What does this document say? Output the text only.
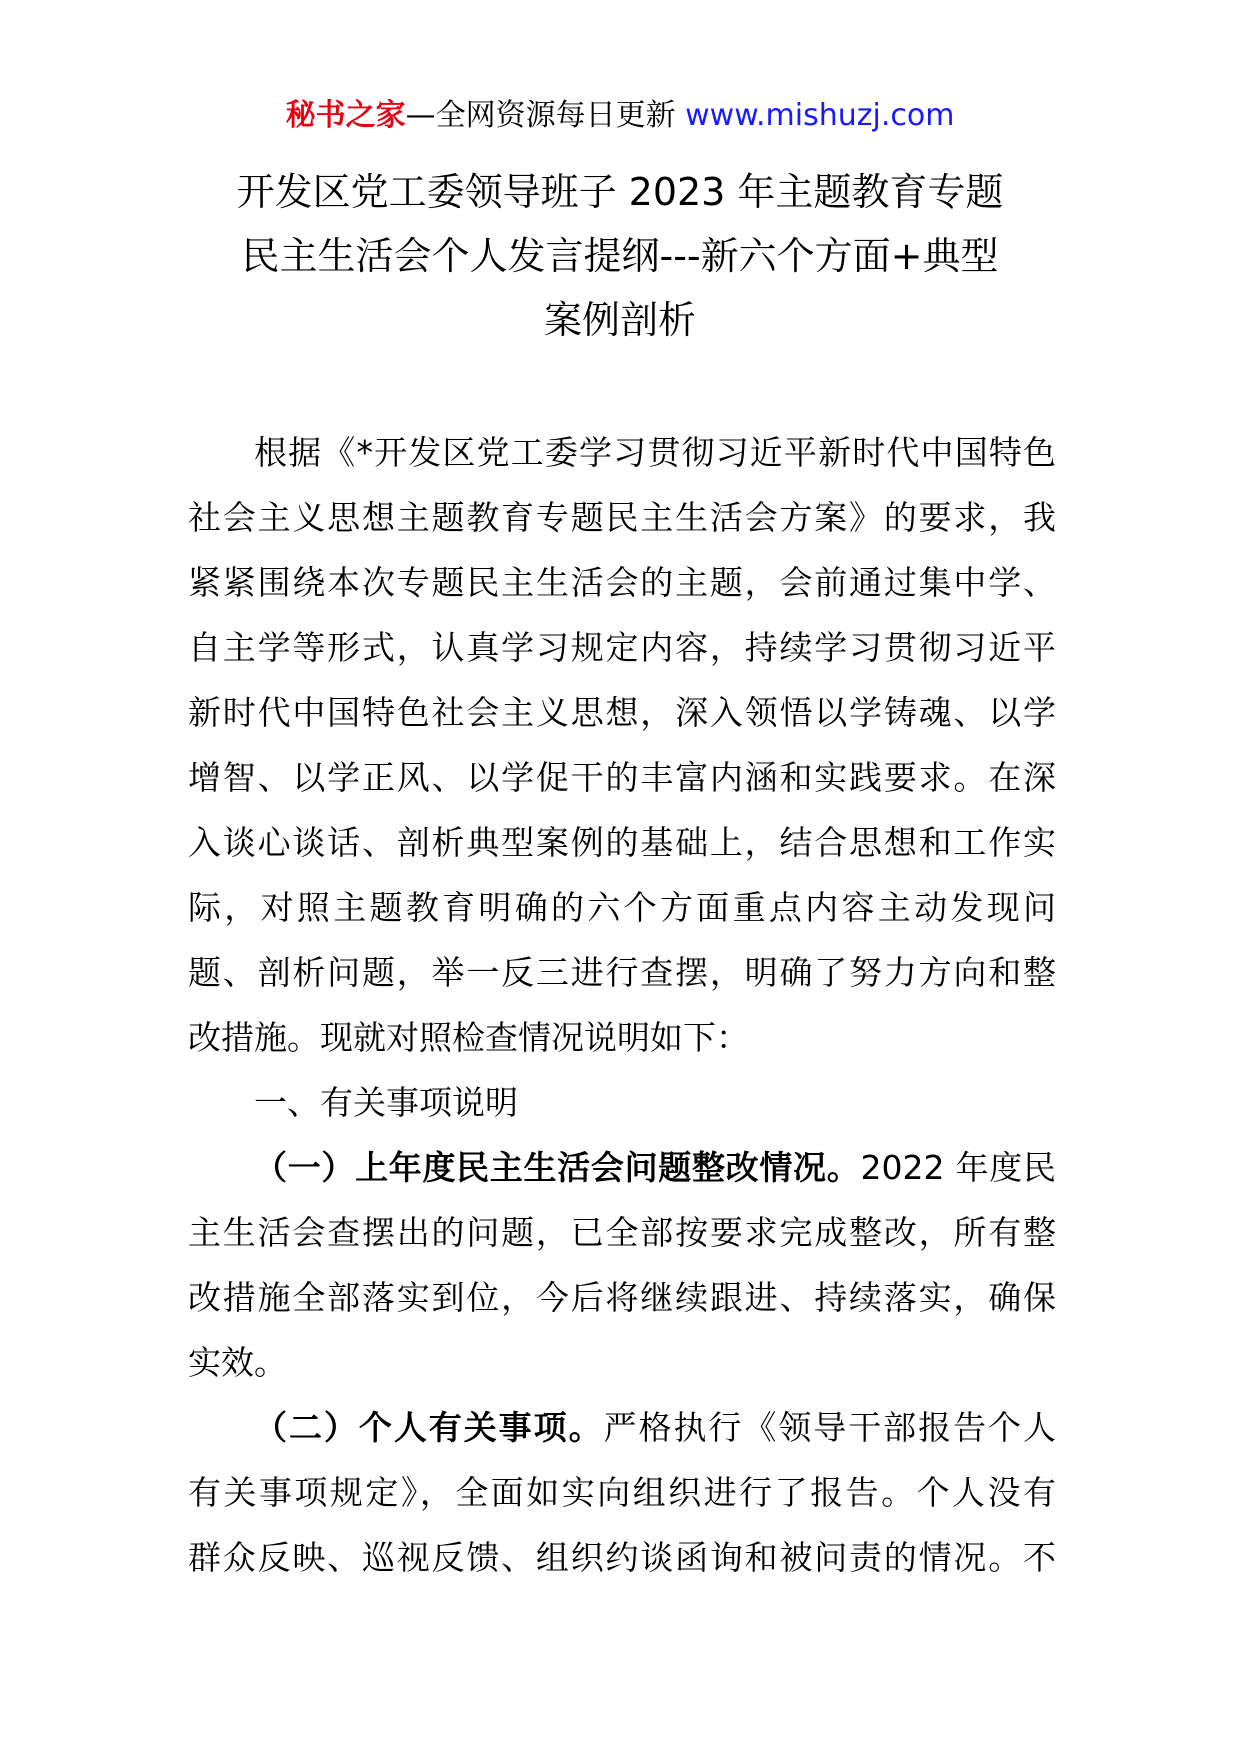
秘书之家—全网资源每日更新 www.mishuzj.com
开发区党工委领导班子 2023 年主题教育专题
民主生活会个人发言提纲---新六个方面+典型
案例剖析
根据《*开发区党工委学习贯彻习近平新时代中国特色
社会主义思想主题教育专题民主生活会方案》的要求，我
紧紧围绕本次专题民主生活会的主题，会前通过集中学、
自主学等形式，认真学习规定内容，持续学习贯彻习近平
新时代中国特色社会主义思想，深入领悟以学铸魂、以学
增智、以学正风、以学促干的丰富内涵和实践要求。在深
入谈心谈话、剖析典型案例的基础上，结合思想和工作实
际，对照主题教育明确的六个方面重点内容主动发现问
题、剖析问题，举一反三进行查摆，明确了努力方向和整
改措施。现就对照检查情况说明如下：
一、有关事项说明
（一）上年度民主生活会问题整改情况。2022 年度民
主生活会查摆出的问题，已全部按要求完成整改，所有整
改措施全部落实到位，今后将继续跟进、持续落实，确保
实效。
（二）个人有关事项。严格执行《领导干部报告个人
有关事项规定》，全面如实向组织进行了报告。个人没有
群众反映、巡视反馈、组织约谈函询和被问责的情况。不
